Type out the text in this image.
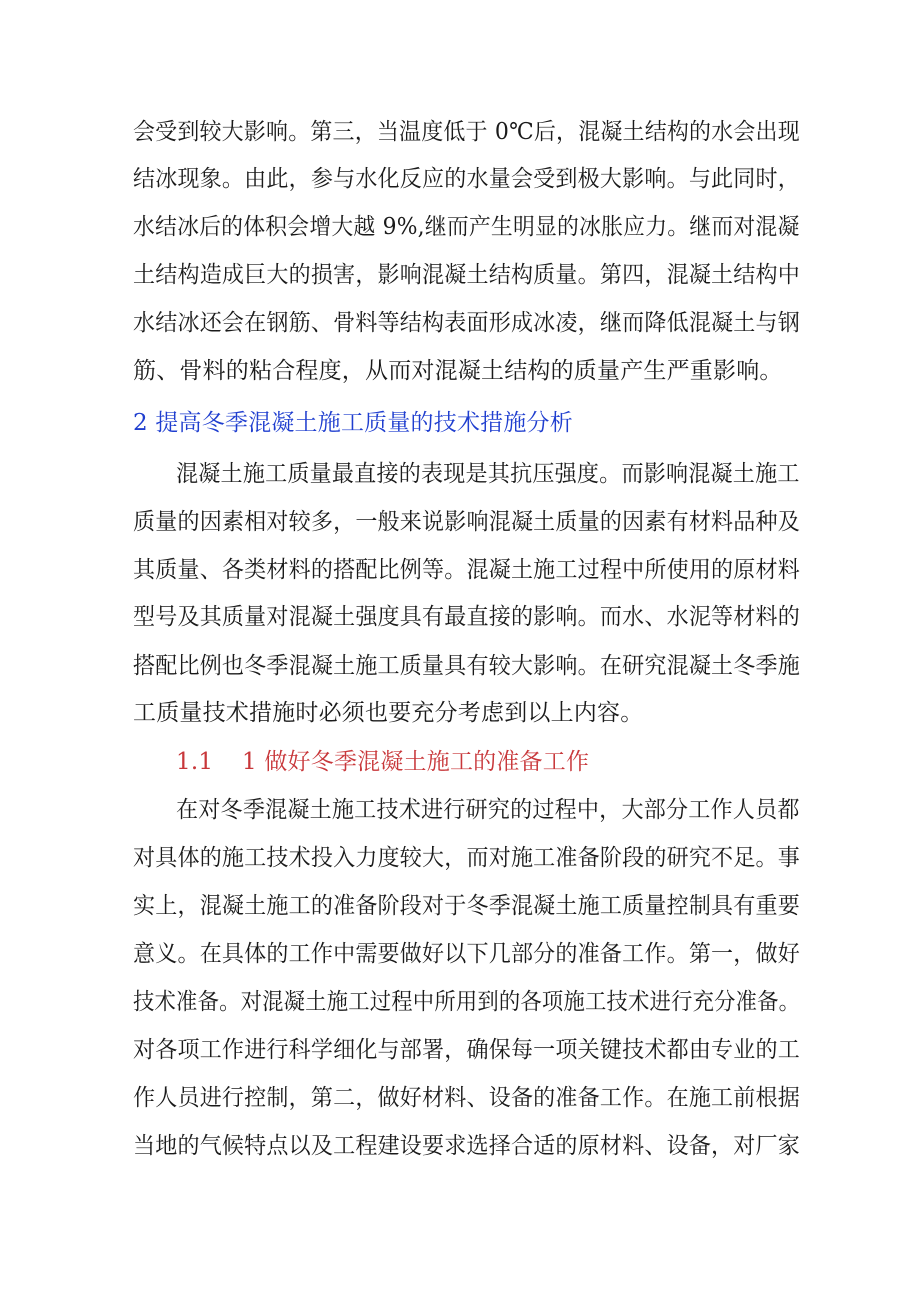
会受到较大影响。第三，当温度低于 0℃后，混凝土结构的水会出现
结冰现象。由此，参与水化反应的水量会受到极大影响。与此同时，
水结冰后的体积会增大越 9%,继而产生明显的冰胀应力。继而对混凝
土结构造成巨大的损害，影响混凝土结构质量。第四，混凝土结构中
水结冰还会在钢筋、骨料等结构表面形成冰凌，继而降低混凝土与钢
筋、骨料的粘合程度，从而对混凝土结构的质量产生严重影响。
2 提高冬季混凝土施工质量的技术措施分析
混凝土施工质量最直接的表现是其抗压强度。而影响混凝土施工
质量的因素相对较多，一般来说影响混凝土质量的因素有材料品种及
其质量、各类材料的搭配比例等。混凝土施工过程中所使用的原材料
型号及其质量对混凝土强度具有最直接的影响。而水、水泥等材料的
搭配比例也冬季混凝土施工质量具有较大影响。在研究混凝土冬季施
工质量技术措施时必须也要充分考虑到以上内容。
1.1 1 做好冬季混凝土施工的准备工作
在对冬季混凝土施工技术进行研究的过程中，大部分工作人员都
对具体的施工技术投入力度较大，而对施工准备阶段的研究不足。事
实上，混凝土施工的准备阶段对于冬季混凝土施工质量控制具有重要
意义。在具体的工作中需要做好以下几部分的准备工作。第一，做好
技术准备。对混凝土施工过程中所用到的各项施工技术进行充分准备。
对各项工作进行科学细化与部署，确保每一项关键技术都由专业的工
作人员进行控制，第二，做好材料、设备的准备工作。在施工前根据
当地的气候特点以及工程建设要求选择合适的原材料、设备，对厂家
